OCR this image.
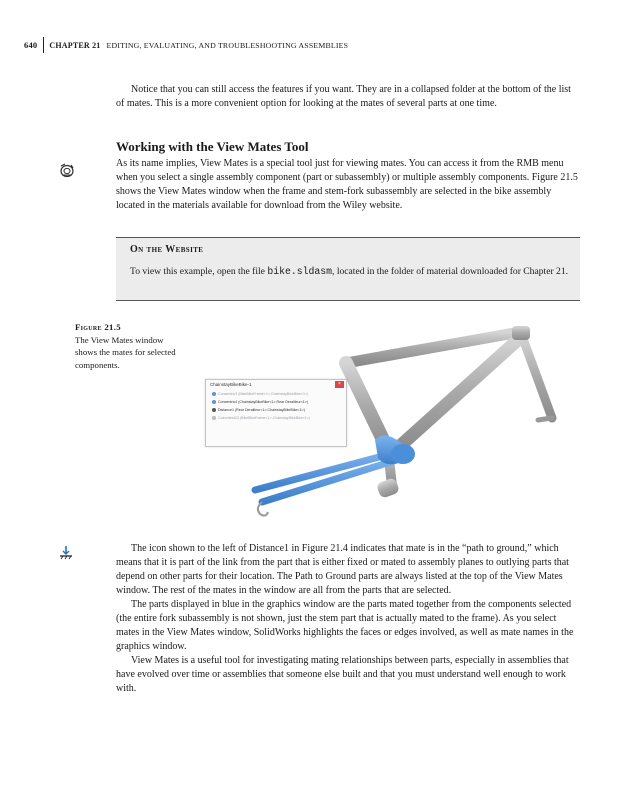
640 CHAPTER 21 EDITING, EVALUATING, AND TROUBLESHOOTING ASSEMBLIES

Notice that you can still access the features if you want. They are in a collapsed folder at the bottom of the list of mates. This is a more convenient option for looking at the mates of several parts at one time.

Working with the View Mates Tool

As its name implies, View Mates is a special tool just for viewing mates. You can access it from the RMB menu when you select a single assembly component (part or subassembly) or multiple assembly components. Figure 21.5 shows the View Mates window when the frame and stem-fork subassembly are selected in the bike assembly located in the materials available for download from the Wiley website.

On the Website
To view this example, open the file bike.sldasm, located in the folder of material downloaded for Chapter 21.
Figure 21.5
The View Mates window shows the mates for selected components.
ChainstayBikeBike-1	×
Concentric3 (BikeBikeFrame<1>,ChainstayBikeBike<1>)
Concentric4 (ChainstayBikeBike<1>,Rear Derailleur<1>)
Distance1 (Rear Derailleur<1>,ChainstayBikeBike<1>)
Coincident23 (BikeBikeFrame<1>,ChainstayBikeBike<1>)

The icon shown to the left of Distance1 in Figure 21.4 indicates that mate is in the “path to ground,” which means that it is part of the link from the part that is either fixed or mated to assembly planes to outlying parts that depend on other parts for their location. The Path to Ground parts are always listed at the top of the View Mates window. The rest of the mates in the window are all from the parts that are selected.

The parts displayed in blue in the graphics window are the parts mated together from the components selected (the entire fork subassembly is not shown, just the stem part that is actually mated to the frame). As you select mates in the View Mates window, SolidWorks highlights the faces or edges involved, as well as mate names in the graphics window.

View Mates is a useful tool for investigating mating relationships between parts, especially in assemblies that have evolved over time or assemblies that someone else built and that you must understand well enough to work with.
